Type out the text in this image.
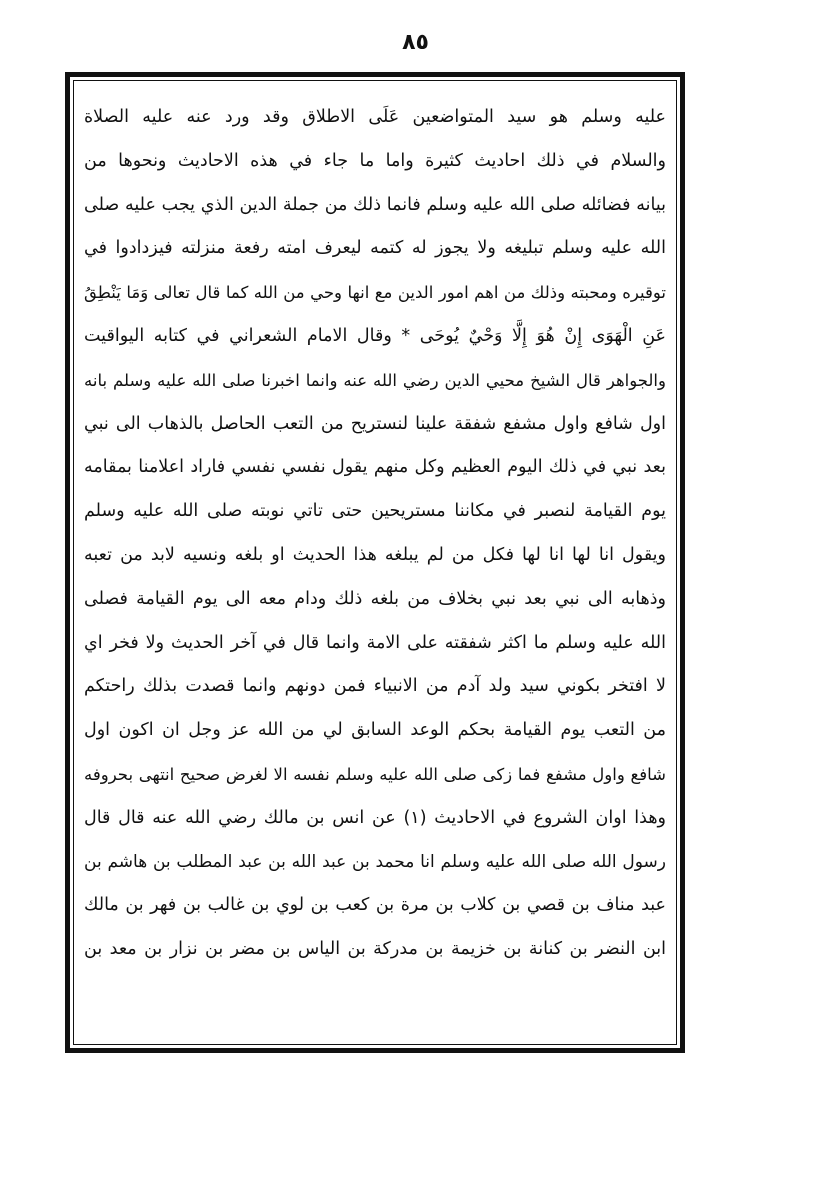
٨٥
عليه وسلم هو سيد المتواضعين عَلَى الاطلاق وقد ورد عنه عليه الصلاة
والسلام في ذلك احاديث كثيرة واما ما جاء في هذه الاحاديث ونحوها من
بيانه فضائله صلى الله عليه وسلم فانما ذلك من جملة الدين الذي يجب عليه صلى
الله عليه وسلم تبليغه ولا يجوز له كتمه ليعرف امته رفعة منزلته فيزدادوا في
توقيره ومحبته وذلك من اهم امور الدين مع انها وحي من الله كما قال تعالى وَمَا يَنْطِقُ
عَنِ الْهَوَى إِنْ هُوَ إِلَّا وَحْيٌ يُوحَى * وقال الامام الشعراني في كتابه اليواقيت
والجواهر قال الشيخ محيي الدين رضي الله عنه وانما اخبرنا صلى الله عليه وسلم بانه
اول شافع واول مشفع شفقة علينا لنستريح من التعب الحاصل بالذهاب الى نبي
بعد نبي في ذلك اليوم العظيم وكل منهم يقول نفسي نفسي فاراد اعلامنا بمقامه
يوم القيامة لنصبر في مكاننا مستريحين حتى تاتي نوبته صلى الله عليه وسلم
ويقول انا لها انا لها فكل من لم يبلغه هذا الحديث او بلغه ونسيه لابد من تعبه
وذهابه الى نبي بعد نبي بخلاف من بلغه ذلك ودام معه الى يوم القيامة فصلى
الله عليه وسلم ما اكثر شفقته على الامة وانما قال في آخر الحديث ولا فخر اي
لا افتخر بكوني سيد ولد آدم من الانبياء فمن دونهم وانما قصدت بذلك راحتكم
من التعب يوم القيامة بحكم الوعد السابق لي من الله عز وجل ان اكون اول
شافع واول مشفع فما زكى صلى الله عليه وسلم نفسه الا لغرض صحيح انتهى بحروفه
وهذا اوان الشروع في الاحاديث (١) عن انس بن مالك رضي الله عنه قال قال
رسول الله صلى الله عليه وسلم انا محمد بن عبد الله بن عبد المطلب بن هاشم بن
عبد مناف بن قصي بن كلاب بن مرة بن كعب بن لوي بن غالب بن فهر بن مالك
ابن النضر بن كنانة بن خزيمة بن مدركة بن الياس بن مضر بن نزار بن معد بن
